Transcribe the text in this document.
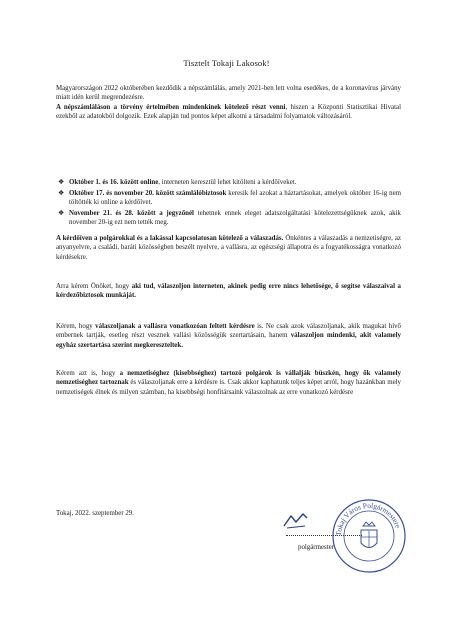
Tisztelt Tokaji Lakosok!

Magyarországon 2022 októberében kezdődik a népszámlálás, amely 2021-ben lett volna esedékes, de a koronavírus járvány miatt idén kerül megrendezésre.
A népszámláláson a törvény értelmében mindenkinek kötelező részt venni, hiszen a Központi Statisztikai Hivatal ezekből az adatokból dolgozik. Ezek alapján tud pontos képet alkotni a társadalmi folyamatok változásáról.

❖ Október 1. és 16. között online, interneten keresztül lehet kitölteni a kérdőíveket.
❖ Október 17. és november 20. között számlálóbiztosok keresik fel azokat a háztartásokat, amelyek október 16-ig nem töltötték ki online a kérdőívet.
❖ November 21. és 28. között a jegyzőnél tehetnek ennek eleget adatszolgáltatási kötelezettségüknek azok, akik november 20-ig ezt nem tették meg.

A kérdőíven a polgárokkal és a lakással kapcsolatosan kötelező a válaszadás. Önkéntes a válaszadás a nemzetiségre, az anyanyelvre, a családi, baráti közösségben beszélt nyelvre, a vallásra, az egészségi állapotra és a fogyatékosságra vonatkozó kérdésekre.

Arra kérem Önöket, hogy aki tud, válaszoljon interneten, akinek pedig erre nincs lehetősége, ő segítse válaszaival a kérdezőbiztosok munkáját.

Kérem, hogy válaszoljanak a vallásra vonatkozóan feltett kérdésre is. Ne csak azok válaszoljanak, akik magukat hívő embernek tartják, esetleg részt vesznek vallási közösségük szertartásain, hanem válaszoljon mindenki, akit valamely egyház szertartása szerint megkereszteltek.

Kérem azt is, hogy a nemzetiséghez (kisebbséghez) tartozó polgárok is vállalják büszkén, hogy ők valamely nemzetiséghez tartoznak és válaszoljanak erre a kérdésre is. Csak akkor kaphatunk teljes képet arról, hogy hazánkban mely nemzetiségek élnek és milyen számban, ha kisebbségi honfitársaink válaszolnak az erre vonatkozó kérdésre

Tokaj, 2022. szeptember 29.
Tokaj Város Polgármestere
polgármester
